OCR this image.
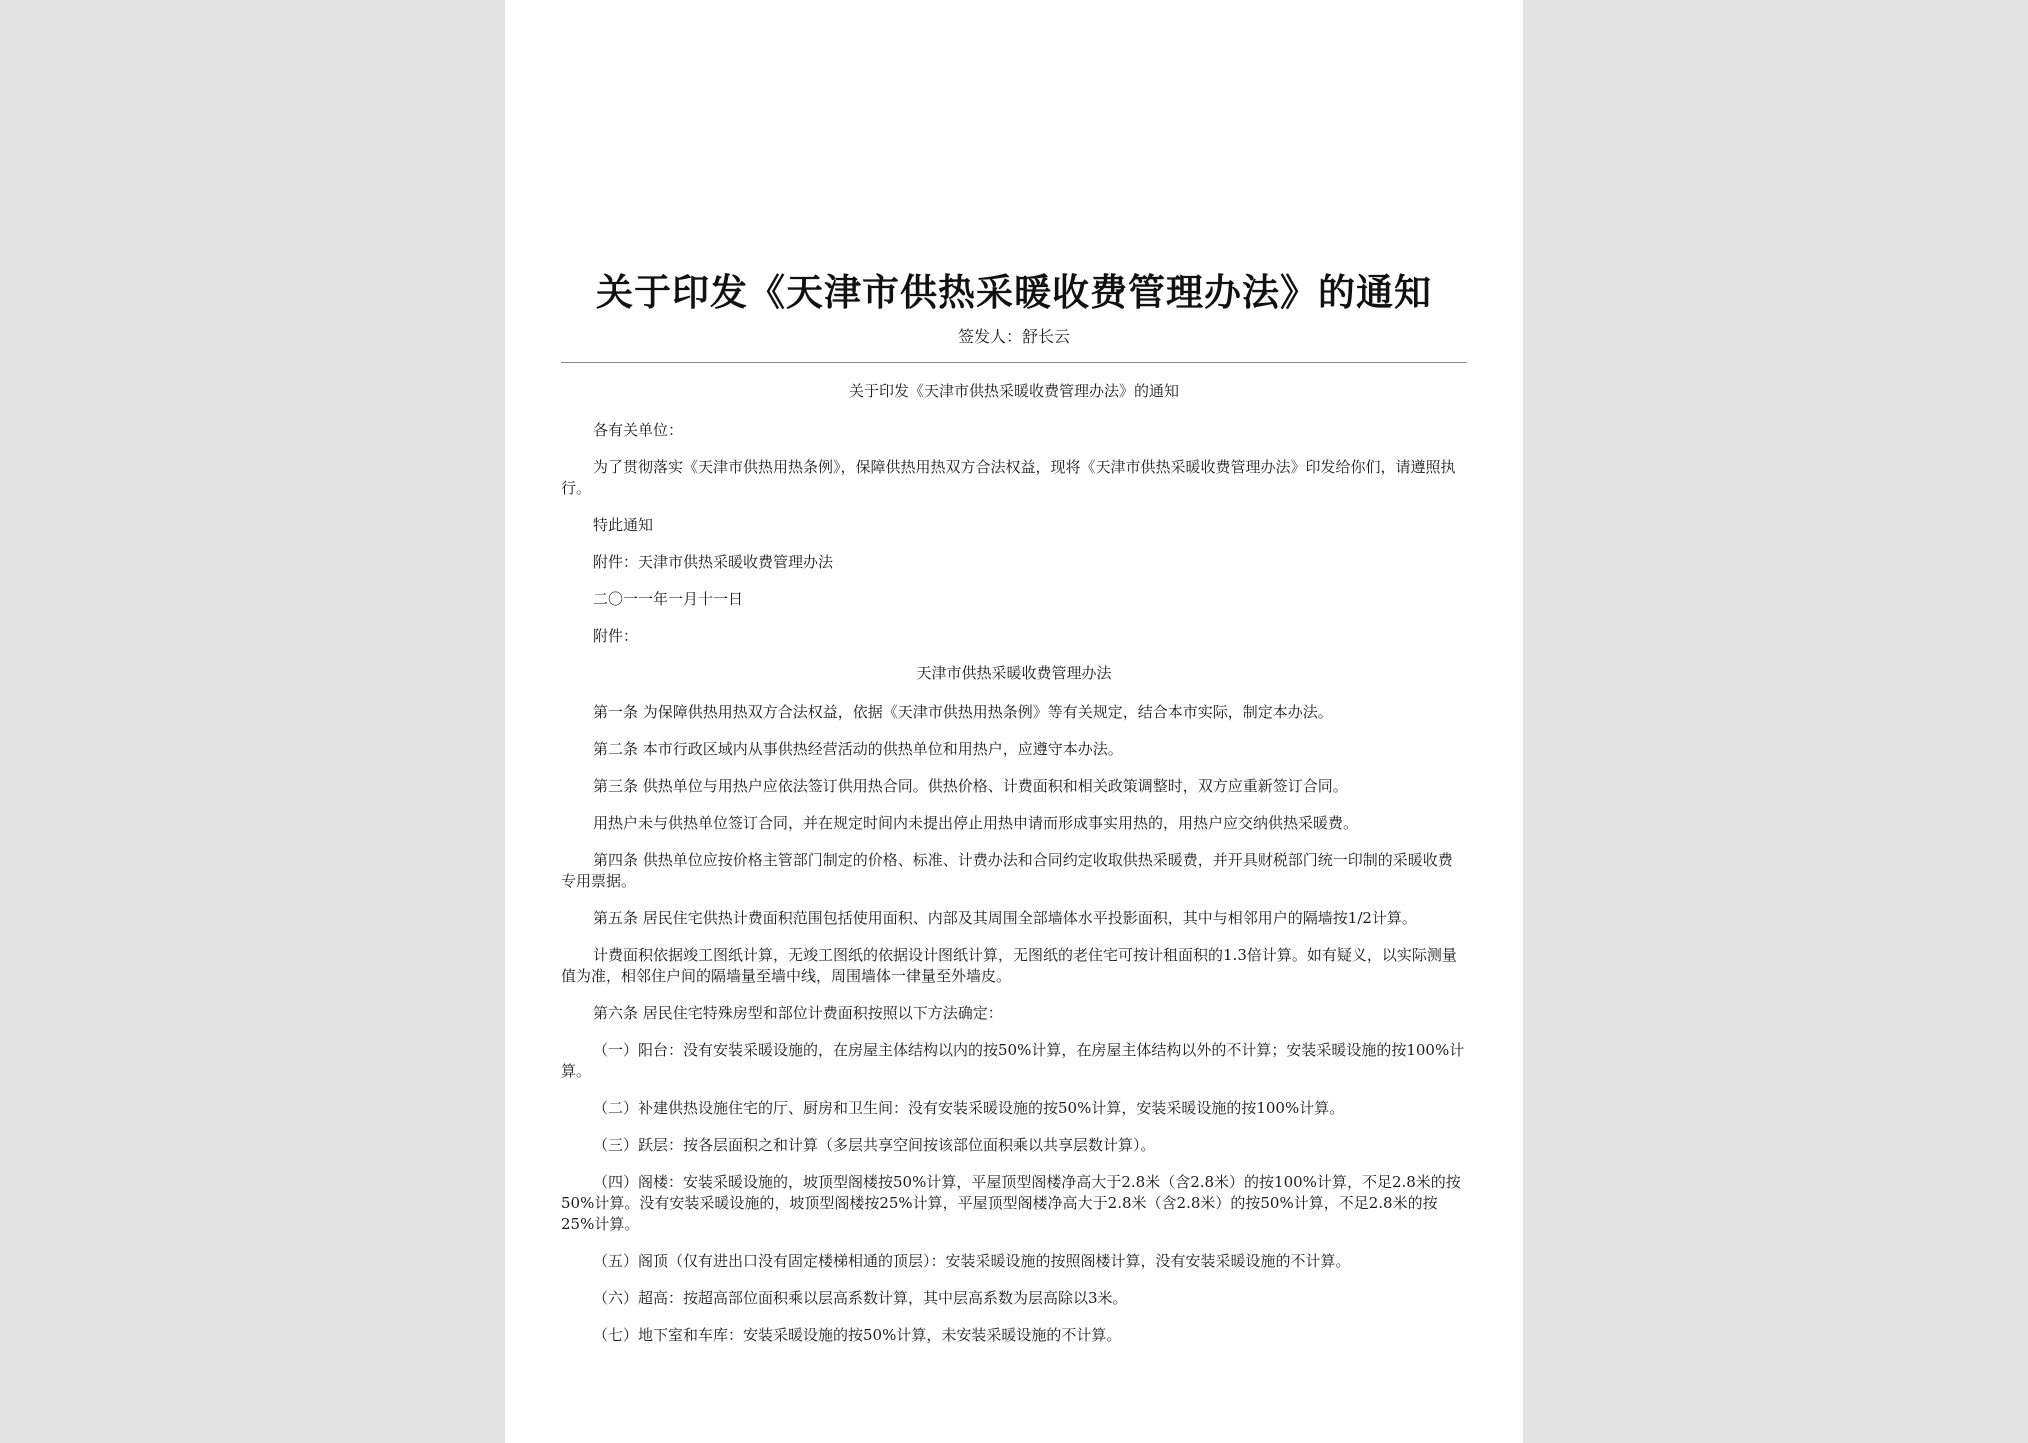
关于印发《天津市供热采暖收费管理办法》的通知
签发人：舒长云

关于印发《天津市供热采暖收费管理办法》的通知

各有关单位：

为了贯彻落实《天津市供热用热条例》，保障供热用热双方合法权益，现将《天津市供热采暖收费管理办法》印发给你们，请遵照执行。

特此通知

附件：天津市供热采暖收费管理办法

二〇一一年一月十一日

附件：

天津市供热采暖收费管理办法

第一条 为保障供热用热双方合法权益，依据《天津市供热用热条例》等有关规定，结合本市实际，制定本办法。

第二条 本市行政区域内从事供热经营活动的供热单位和用热户，应遵守本办法。

第三条 供热单位与用热户应依法签订供用热合同。供热价格、计费面积和相关政策调整时，双方应重新签订合同。

用热户未与供热单位签订合同，并在规定时间内未提出停止用热申请而形成事实用热的，用热户应交纳供热采暖费。

第四条 供热单位应按价格主管部门制定的价格、标准、计费办法和合同约定收取供热采暖费，并开具财税部门统一印制的采暖收费专用票据。

第五条 居民住宅供热计费面积范围包括使用面积、内部及其周围全部墙体水平投影面积，其中与相邻用户的隔墙按1/2计算。

计费面积依据竣工图纸计算，无竣工图纸的依据设计图纸计算，无图纸的老住宅可按计租面积的1.3倍计算。如有疑义，以实际测量值为准，相邻住户间的隔墙量至墙中线，周围墙体一律量至外墙皮。

第六条 居民住宅特殊房型和部位计费面积按照以下方法确定：

（一）阳台：没有安装采暖设施的，在房屋主体结构以内的按50%计算，在房屋主体结构以外的不计算；安装采暖设施的按100%计算。

（二）补建供热设施住宅的厅、厨房和卫生间：没有安装采暖设施的按50%计算，安装采暖设施的按100%计算。

（三）跃层：按各层面积之和计算（多层共享空间按该部位面积乘以共享层数计算）。

（四）阁楼：安装采暖设施的，坡顶型阁楼按50%计算，平屋顶型阁楼净高大于2.8米（含2.8米）的按100%计算，不足2.8米的按50%计算。没有安装采暖设施的，坡顶型阁楼按25%计算，平屋顶型阁楼净高大于2.8米（含2.8米）的按50%计算，不足2.8米的按25%计算。

（五）阁顶（仅有进出口没有固定楼梯相通的顶层）：安装采暖设施的按照阁楼计算，没有安装采暖设施的不计算。

（六）超高：按超高部位面积乘以层高系数计算，其中层高系数为层高除以3米。

（七）地下室和车库：安装采暖设施的按50%计算，未安装采暖设施的不计算。
